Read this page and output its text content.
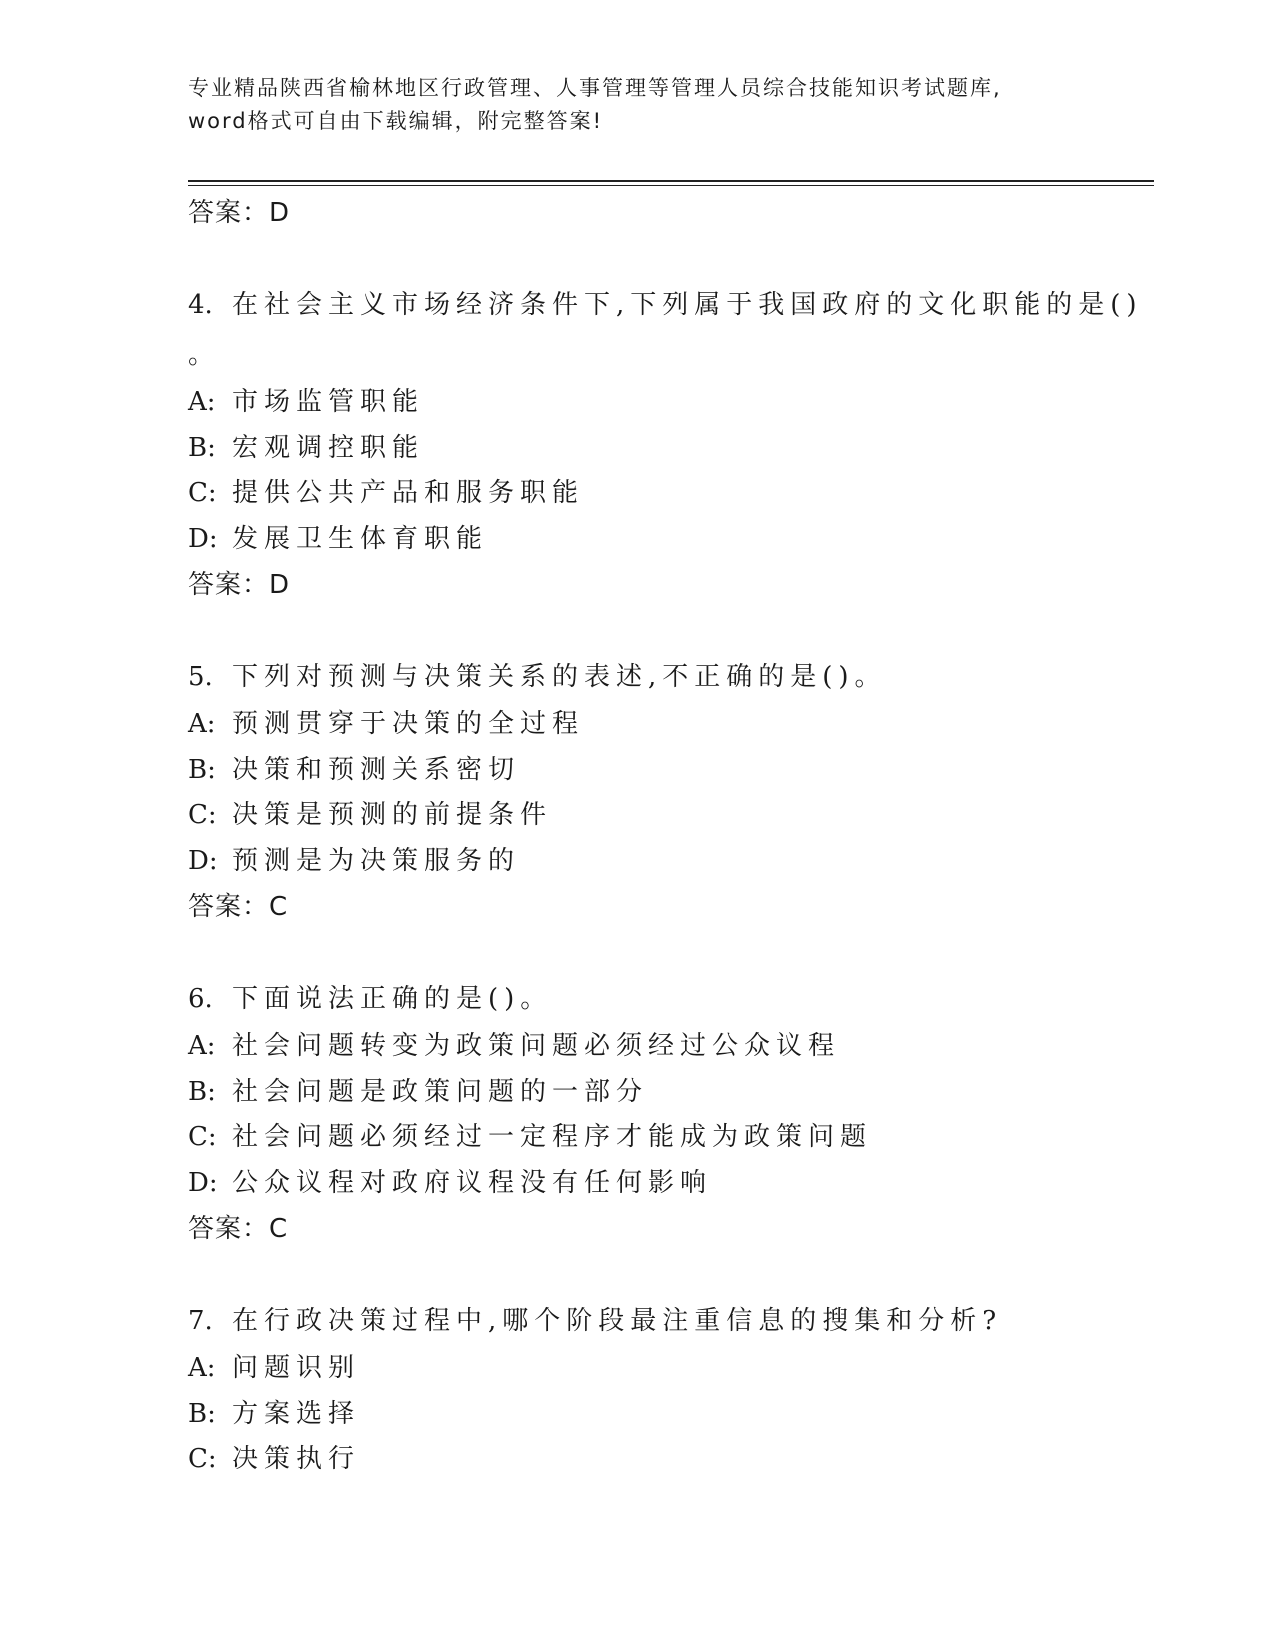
专业精品陕西省榆林地区行政管理、人事管理等管理人员综合技能知识考试题库,
word格式可自由下载编辑，附完整答案!
答案：D
4. 在社会主义市场经济条件下,下列属于我国政府的文化职能的是()
。
A: 市场监管职能
B: 宏观调控职能
C: 提供公共产品和服务职能
D: 发展卫生体育职能
答案：D
5. 下列对预测与决策关系的表述,不正确的是()。
A: 预测贯穿于决策的全过程
B: 决策和预测关系密切
C: 决策是预测的前提条件
D: 预测是为决策服务的
答案：C
6. 下面说法正确的是()。
A: 社会问题转变为政策问题必须经过公众议程
B: 社会问题是政策问题的一部分
C: 社会问题必须经过一定程序才能成为政策问题
D: 公众议程对政府议程没有任何影响
答案：C
7. 在行政决策过程中,哪个阶段最注重信息的搜集和分析?
A: 问题识别
B: 方案选择
C: 决策执行
